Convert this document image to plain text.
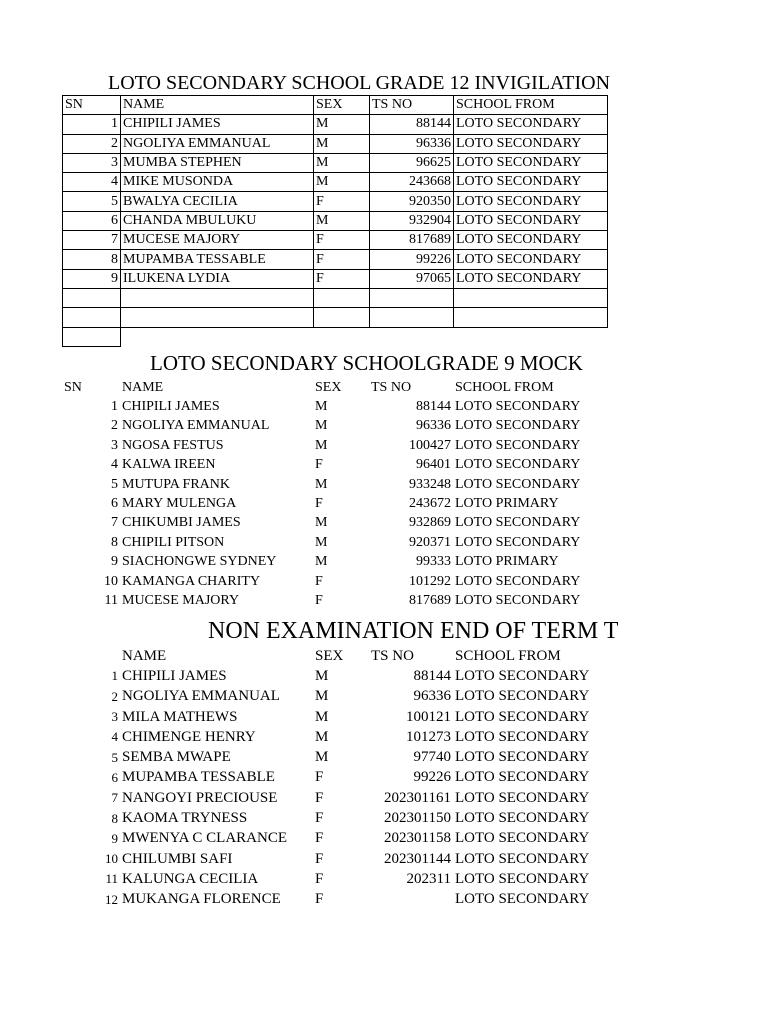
LOTO SECONDARY SCHOOL GRADE 12 INVIGILATION
SN	NAME	SEX	TS NO	SCHOOL FROM
1	CHIPILI JAMES	M	88144	LOTO SECONDARY
2	NGOLIYA EMMANUAL	M	96336	LOTO SECONDARY
3	MUMBA STEPHEN	M	96625	LOTO SECONDARY
4	MIKE MUSONDA	M	243668	LOTO SECONDARY
5	BWALYA CECILIA	F	920350	LOTO SECONDARY
6	CHANDA MBULUKU	M	932904	LOTO SECONDARY
7	MUCESE MAJORY	F	817689	LOTO SECONDARY
8	MUPAMBA TESSABLE	F	99226	LOTO SECONDARY
9	ILUKENA LYDIA	F	97065	LOTO SECONDARY

LOTO SECONDARY SCHOOLGRADE 9 MOCK
SN	NAME	SEX	TS NO	SCHOOL FROM
1	CHIPILI JAMES	M	88144	LOTO SECONDARY
2	NGOLIYA EMMANUAL	M	96336	LOTO SECONDARY
3	NGOSA FESTUS	M	100427	LOTO SECONDARY
4	KALWA IREEN	F	96401	LOTO SECONDARY
5	MUTUPA FRANK	M	933248	LOTO SECONDARY
6	MARY MULENGA	F	243672	LOTO PRIMARY
7	CHIKUMBI JAMES	M	932869	LOTO SECONDARY
8	CHIPILI PITSON	M	920371	LOTO SECONDARY
9	SIACHONGWE SYDNEY	M	99333	LOTO PRIMARY
10	KAMANGA CHARITY	F	101292	LOTO SECONDARY
11	MUCESE MAJORY	F	817689	LOTO SECONDARY
NON EXAMINATION END OF TERM T
	NAME	SEX	TS NO	SCHOOL FROM
1	CHIPILI JAMES	M	88144	LOTO SECONDARY
2	NGOLIYA EMMANUAL	M	96336	LOTO SECONDARY
3	MILA MATHEWS	M	100121	LOTO SECONDARY
4	CHIMENGE HENRY	M	101273	LOTO SECONDARY
5	SEMBA MWAPE	M	97740	LOTO SECONDARY
6	MUPAMBA TESSABLE	F	99226	LOTO SECONDARY
7	NANGOYI PRECIOUSE	F	202301161	LOTO SECONDARY
8	KAOMA TRYNESS	F	202301150	LOTO SECONDARY
9	MWENYA C CLARANCE	F	202301158	LOTO SECONDARY
10	CHILUMBI SAFI	F	202301144	LOTO SECONDARY
11	KALUNGA CECILIA	F	202311	LOTO SECONDARY
12	MUKANGA FLORENCE	F		LOTO SECONDARY
